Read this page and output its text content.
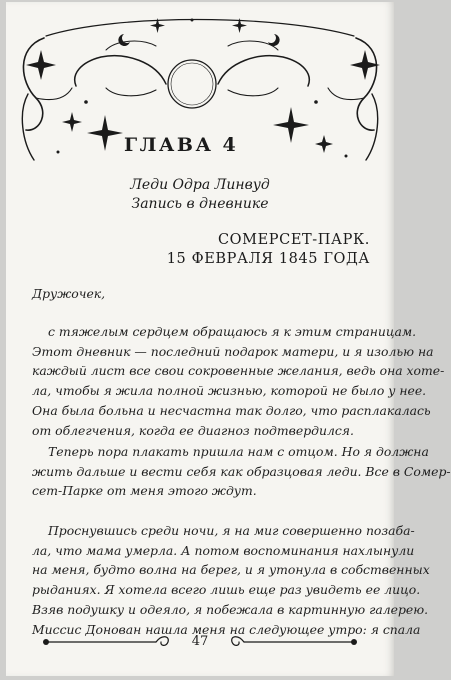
ГЛАВА 4
Леди Одра Линвуд
Запись в дневнике
СОМЕРСЕТ-ПАРК.
15 ФЕВРАЛЯ 1845 ГОДА
Дружочек,
с тяжелым сердцем обращаюсь я к этим страницам.
Этот дневник — последний подарок матери, и я изолью на
каждый лист все свои сокровенные желания, ведь она хоте-
ла, чтобы я жила полной жизнью, которой не было у нее.
Она была больна и несчастна так долго, что расплакалась
от облегчения, когда ее диагноз подтвердился.
Теперь пора плакать пришла нам с отцом. Но я должна
жить дальше и вести себя как образцовая леди. Все в Сомер-
сет-Парке от меня этого ждут.
Проснувшись среди ночи, я на миг совершенно позаба-
ла, что мама умерла. А потом воспоминания нахлынули
на меня, будто волна на берег, и я утонула в собственных
рыданиях. Я хотела всего лишь еще раз увидеть ее лицо.
Взяв подушку и одеяло, я побежала в картинную галерею.
Миссис Донован нашла меня на следующее утро: я спала
47
